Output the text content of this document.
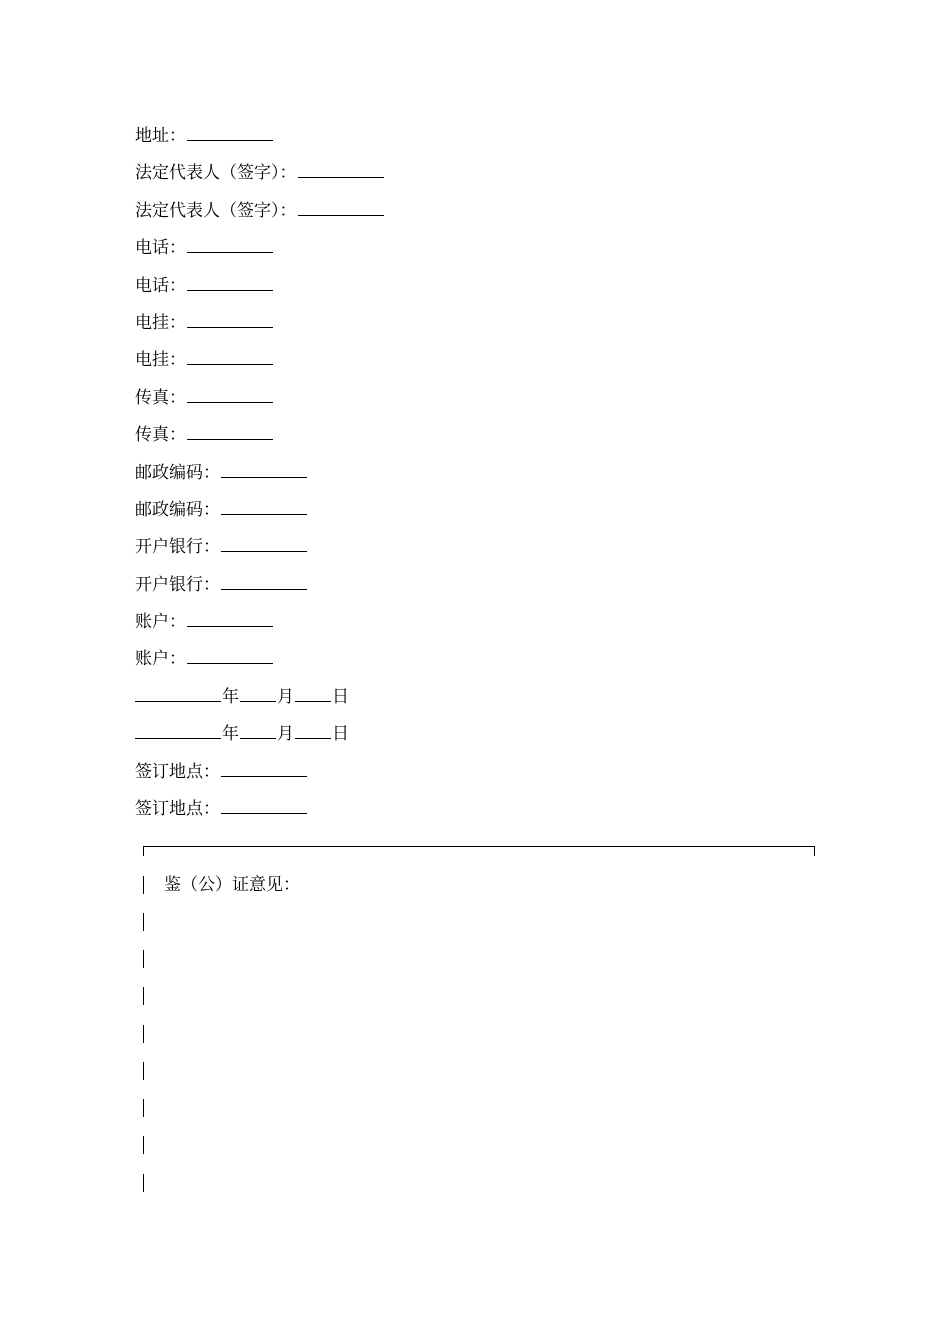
地址：
法定代表人（签字）：
法定代表人（签字）：
电话：
电话：
电挂：
电挂：
传真：
传真：
邮政编码：
邮政编码：
开户银行：
开户银行：
账户：
账户：
年 月 日
年 月 日
签订地点：
签订地点：
鉴（公）证意见：
